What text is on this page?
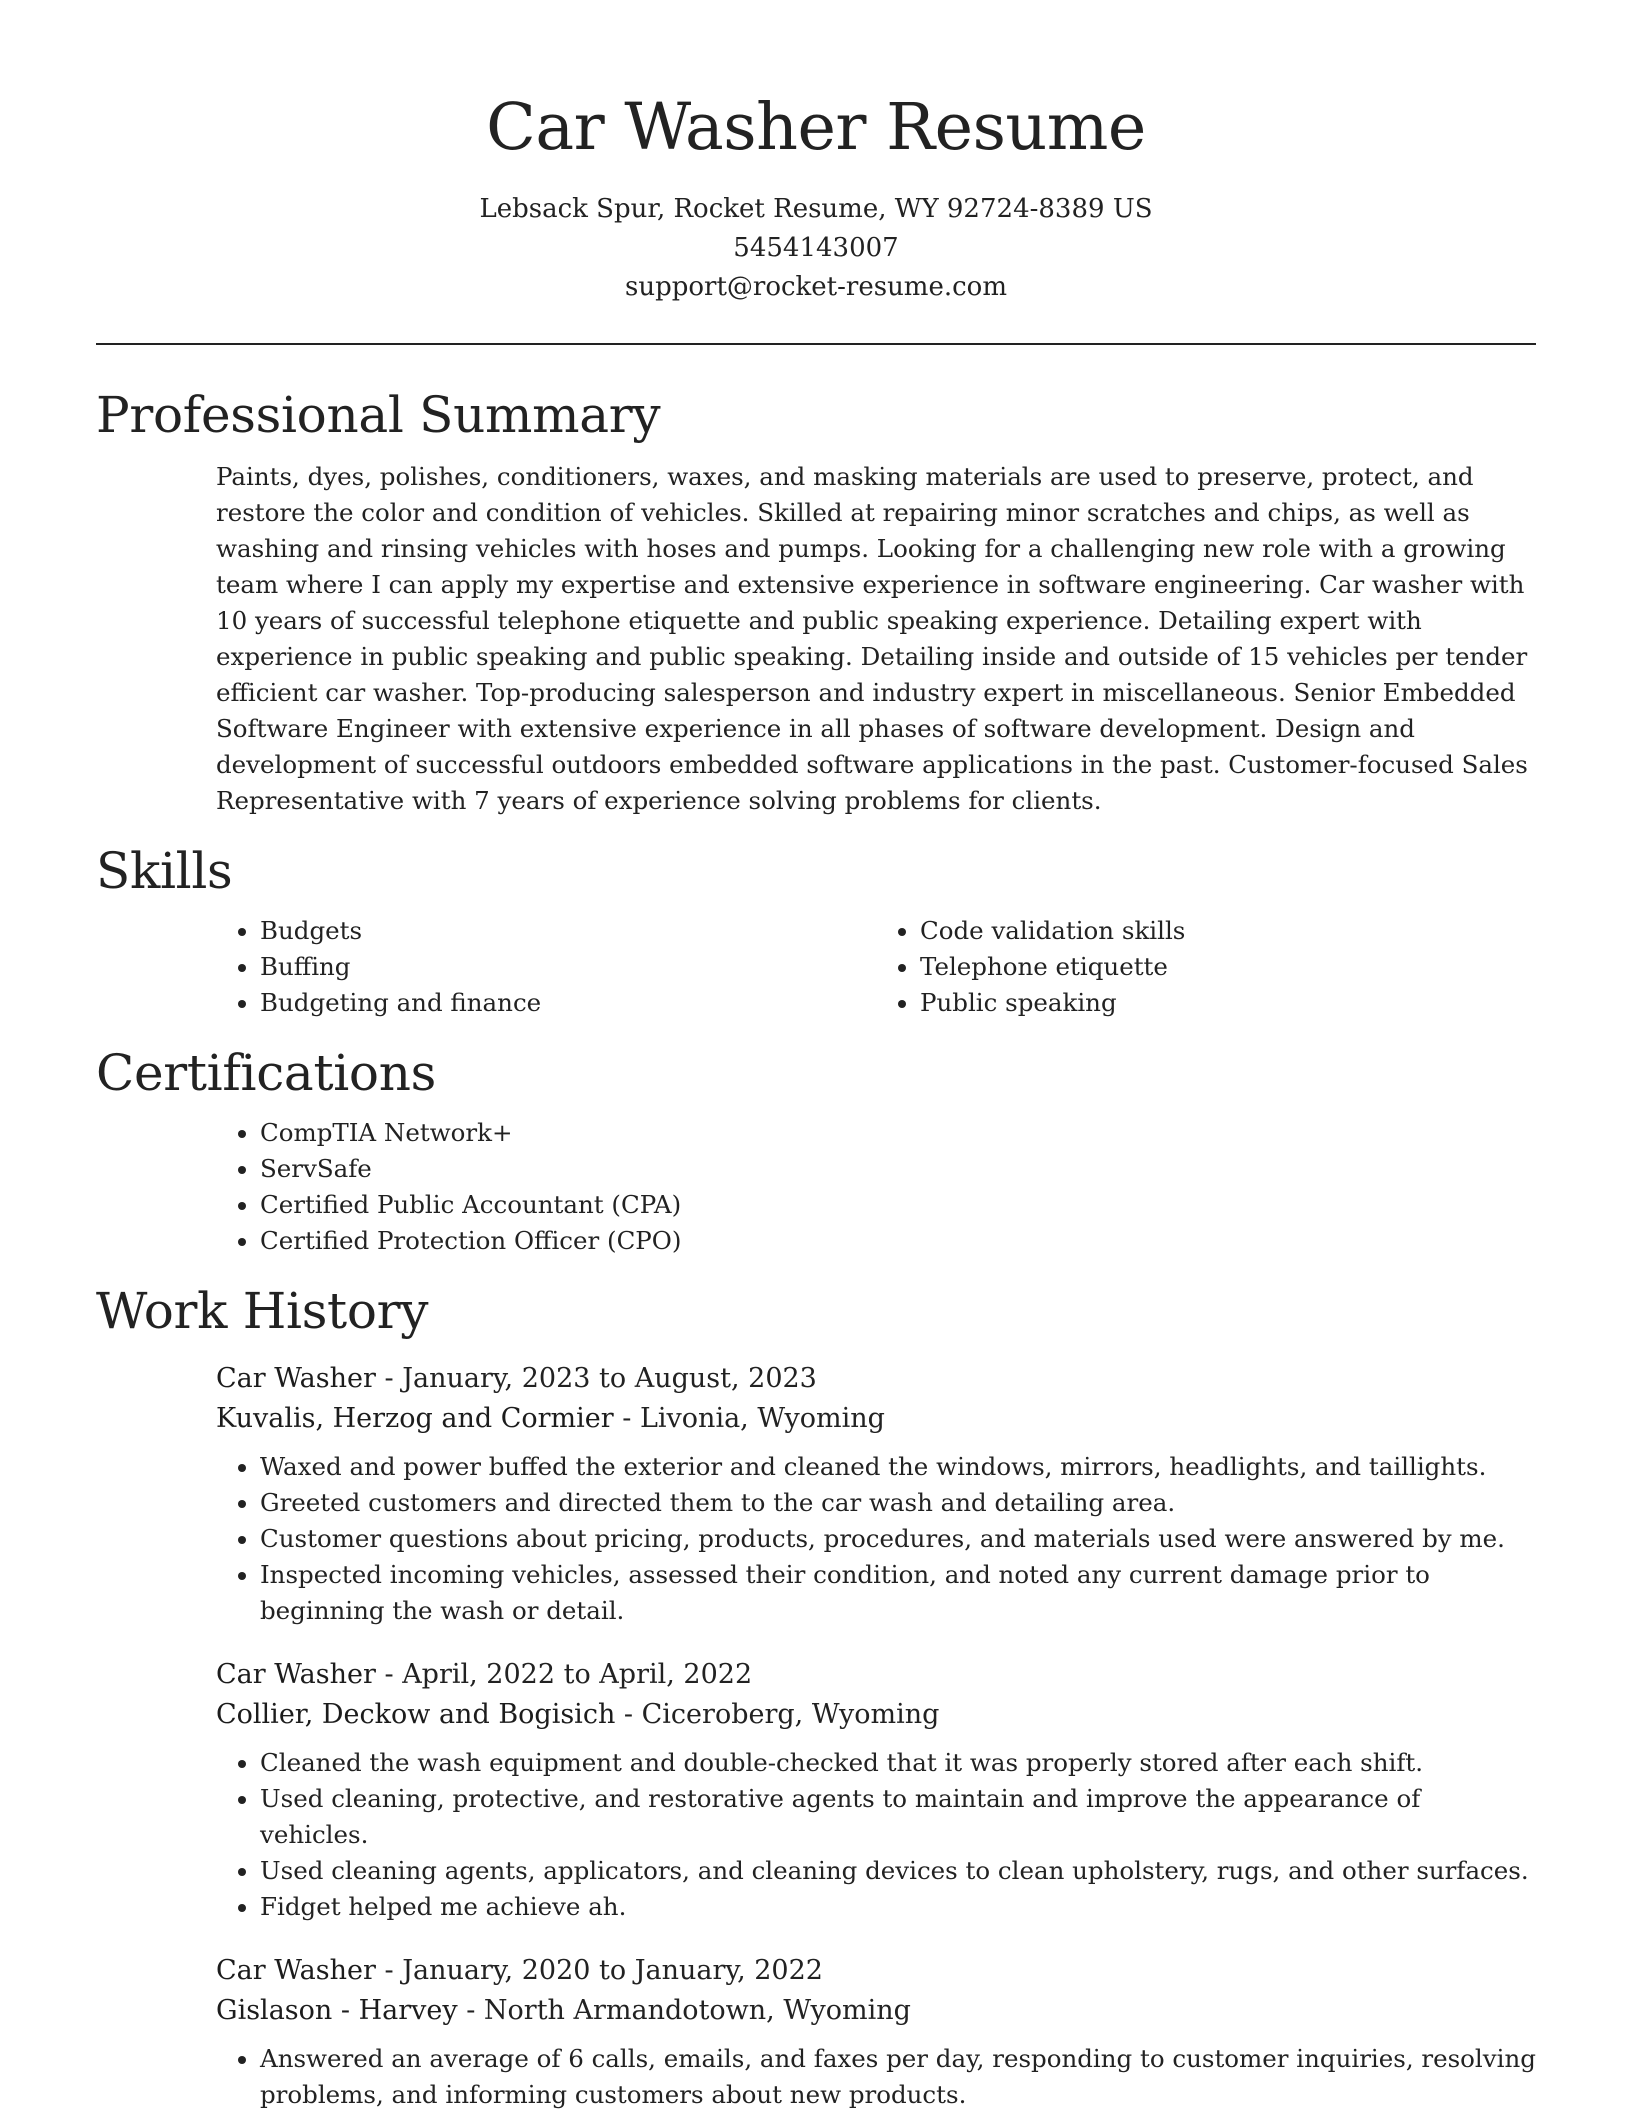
Car Washer Resume
Lebsack Spur, Rocket Resume, WY 92724-8389 US
5454143007
support@rocket-resume.com
Professional Summary
Paints, dyes, polishes, conditioners, waxes, and masking materials are used to preserve, protect, and restore the color and condition of vehicles. Skilled at repairing minor scratches and chips, as well as washing and rinsing vehicles with hoses and pumps. Looking for a challenging new role with a growing team where I can apply my expertise and extensive experience in software engineering. Car washer with 10 years of successful telephone etiquette and public speaking experience. Detailing expert with experience in public speaking and public speaking. Detailing inside and outside of 15 vehicles per tender efficient car washer. Top-producing salesperson and industry expert in miscellaneous. Senior Embedded Software Engineer with extensive experience in all phases of software development. Design and development of successful outdoors embedded software applications in the past. Customer-focused Sales Representative with 7 years of experience solving problems for clients.
Skills
• Budgets
• Buffing
• Budgeting and finance
• Code validation skills
• Telephone etiquette
• Public speaking
Certifications
• CompTIA Network+
• ServSafe
• Certified Public Accountant (CPA)
• Certified Protection Officer (CPO)
Work History
Car Washer - January, 2023 to August, 2023
Kuvalis, Herzog and Cormier - Livonia, Wyoming
• Waxed and power buffed the exterior and cleaned the windows, mirrors, headlights, and taillights.
• Greeted customers and directed them to the car wash and detailing area.
• Customer questions about pricing, products, procedures, and materials used were answered by me.
• Inspected incoming vehicles, assessed their condition, and noted any current damage prior to beginning the wash or detail.
Car Washer - April, 2022 to April, 2022
Collier, Deckow and Bogisich - Ciceroberg, Wyoming
• Cleaned the wash equipment and double-checked that it was properly stored after each shift.
• Used cleaning, protective, and restorative agents to maintain and improve the appearance of vehicles.
• Used cleaning agents, applicators, and cleaning devices to clean upholstery, rugs, and other surfaces.
• Fidget helped me achieve ah.
Car Washer - January, 2020 to January, 2022
Gislason - Harvey - North Armandotown, Wyoming
• Answered an average of 6 calls, emails, and faxes per day, responding to customer inquiries, resolving problems, and informing customers about new products.
